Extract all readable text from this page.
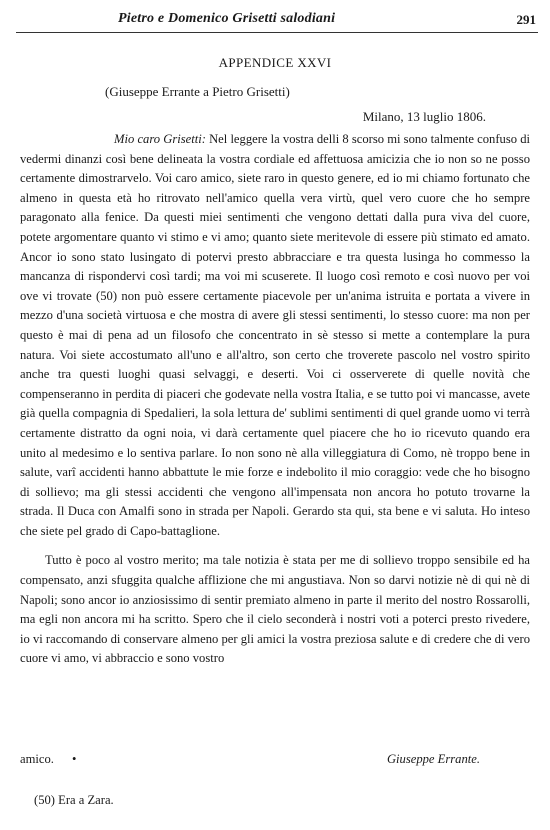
Pietro e Domenico Grisetti salodiani	291
APPENDICE XXVI
(Giuseppe Errante a Pietro Grisetti)
Milano, 13 luglio 1806.

Mio caro Grisetti: Nel leggere la vostra delli 8 scorso mi sono talmente confuso di vedermi dinanzi così bene delineata la vostra cordiale ed affettuosa amicizia che io non so ne posso certamente dimostrarvelo. Voi caro amico, siete raro in questo genere, ed io mi chiamo fortunato che almeno in questa età ho ritrovato nell'amico quella vera virtù, quel vero cuore che ho sempre paragonato alla fenice. Da questi miei sentimenti che vengono dettati dalla pura viva del cuore, potete argomentare quanto vi stimo e vi amo; quanto siete meritevole di essere più stimato ed amato. Ancor io sono stato lusingato di potervi presto abbracciare e tra questa lusinga ho commesso la mancanza di rispondervi così tardi; ma voi mi scuserete. Il luogo così remoto e così nuovo per voi ove vi trovate (50) non può essere certamente piacevole per un'anima istruita e portata a vivere in mezzo d'una società virtuosa e che mostra di avere gli stessi sentimenti, lo stesso cuore: ma non per questo è mai di pena ad un filosofo che concentrato in sè stesso si mette a contemplare la pura natura. Voi siete accostumato all'uno e all'altro, son certo che troverete pascolo nel vostro spirito anche tra questi luoghi quasi selvaggi, e deserti. Voi ci osserverete di quelle novità che compenseranno in perdita di piaceri che godevate nella vostra Italia, e se tutto poi vi mancasse, avete già quella compagnia di Spedalieri, la sola lettura de' sublimi sentimenti di quel grande uomo vi terrà certamente distratto da ogni noia, vi darà certamente quel piacere che ho io ricevuto quando era unito al medesimo e lo sentiva parlare. Io non sono nè alla villeggiatura di Como, nè troppo bene in salute, varî accidenti hanno abbattute le mie forze e indebolito il mio coraggio: vede che ho bisogno di sollievo; ma gli stessi accidenti che vengono all'impensata non ancora ho potuto trovarne la strada. Il Duca con Amalfi sono in strada per Napoli. Gerardo sta qui, sta bene e vi saluta. Ho inteso che siete pel grado di Capo-battaglione.

Tutto è poco al vostro merito; ma tale notizia è stata per me di sollievo troppo sensibile ed ha compensato, anzi sfuggita qualche afflizione che mi angustiava. Non so darvi notizie nè di qui nè di Napoli; sono ancor io anziosissimo di sentir premiato almeno in parte il merito del nostro Rossarolli, ma egli non ancora mi ha scritto. Spero che il cielo seconderà i nostri voti a poterci presto rivedere, io vi raccomando di conservare almeno per gli amici la vostra preziosa salute e di credere che di vero cuore vi amo, vi abbraccio e sono vostro

amico. •	Giuseppe Errante.
(50) Era a Zara.
